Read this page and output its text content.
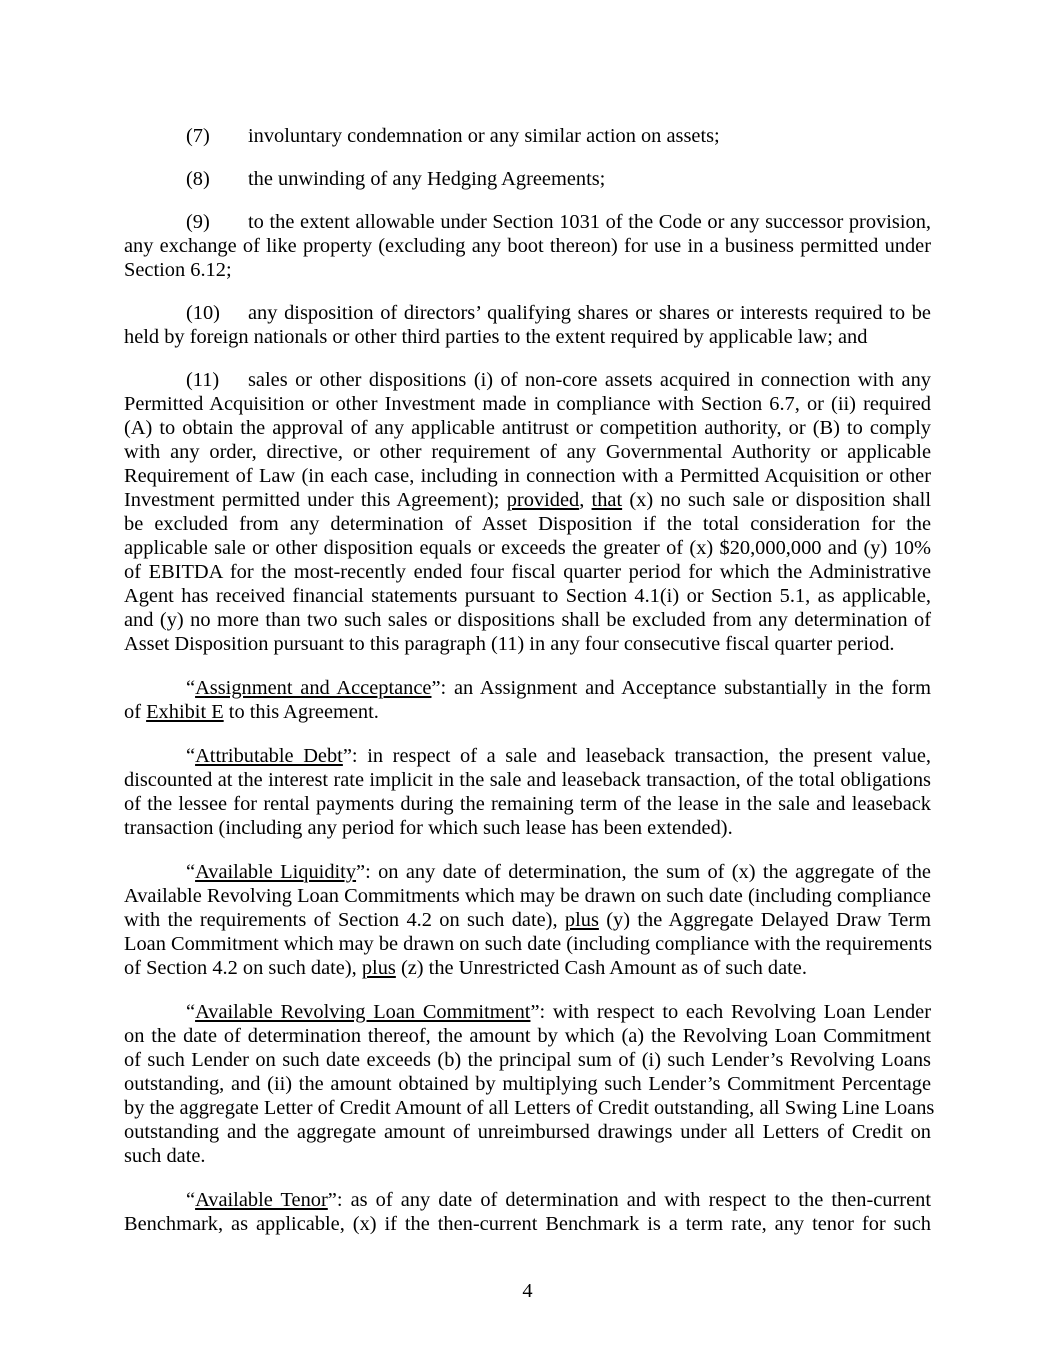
(7)	involuntary condemnation or any similar action on assets;
(8)	the unwinding of any Hedging Agreements;
(9)	to the extent allowable under Section 1031 of the Code or any successor provision,
any exchange of like property (excluding any boot thereon) for use in a business permitted under
Section 6.12;
(10)	any disposition of directors’ qualifying shares or shares or interests required to be
held by foreign nationals or other third parties to the extent required by applicable law; and
(11)	sales or other dispositions (i) of non-core assets acquired in connection with any
Permitted Acquisition or other Investment made in compliance with Section 6.7, or (ii) required
(A) to obtain the approval of any applicable antitrust or competition authority, or (B) to comply
with any order, directive, or other requirement of any Governmental Authority or applicable
Requirement of Law (in each case, including in connection with a Permitted Acquisition or other
Investment permitted under this Agreement); provided, that (x) no such sale or disposition shall
be excluded from any determination of Asset Disposition if the total consideration for the
applicable sale or other disposition equals or exceeds the greater of (x) $20,000,000 and (y) 10%
of EBITDA for the most-recently ended four fiscal quarter period for which the Administrative
Agent has received financial statements pursuant to Section 4.1(i) or Section 5.1, as applicable,
and (y) no more than two such sales or dispositions shall be excluded from any determination of
Asset Disposition pursuant to this paragraph (11) in any four consecutive fiscal quarter period.
“Assignment and Acceptance”: an Assignment and Acceptance substantially in the form
of Exhibit E to this Agreement.
“Attributable Debt”: in respect of a sale and leaseback transaction, the present value,
discounted at the interest rate implicit in the sale and leaseback transaction, of the total obligations
of the lessee for rental payments during the remaining term of the lease in the sale and leaseback
transaction (including any period for which such lease has been extended).
“Available Liquidity”: on any date of determination, the sum of (x) the aggregate of the
Available Revolving Loan Commitments which may be drawn on such date (including compliance
with the requirements of Section 4.2 on such date), plus (y) the Aggregate Delayed Draw Term
Loan Commitment which may be drawn on such date (including compliance with the requirements
of Section 4.2 on such date), plus (z) the Unrestricted Cash Amount as of such date.
“Available Revolving Loan Commitment”: with respect to each Revolving Loan Lender
on the date of determination thereof, the amount by which (a) the Revolving Loan Commitment
of such Lender on such date exceeds (b) the principal sum of (i) such Lender’s Revolving Loans
outstanding, and (ii) the amount obtained by multiplying such Lender’s Commitment Percentage
by the aggregate Letter of Credit Amount of all Letters of Credit outstanding, all Swing Line Loans
outstanding and the aggregate amount of unreimbursed drawings under all Letters of Credit on
such date.
“Available Tenor”: as of any date of determination and with respect to the then-current
Benchmark, as applicable, (x) if the then-current Benchmark is a term rate, any tenor for such
4
